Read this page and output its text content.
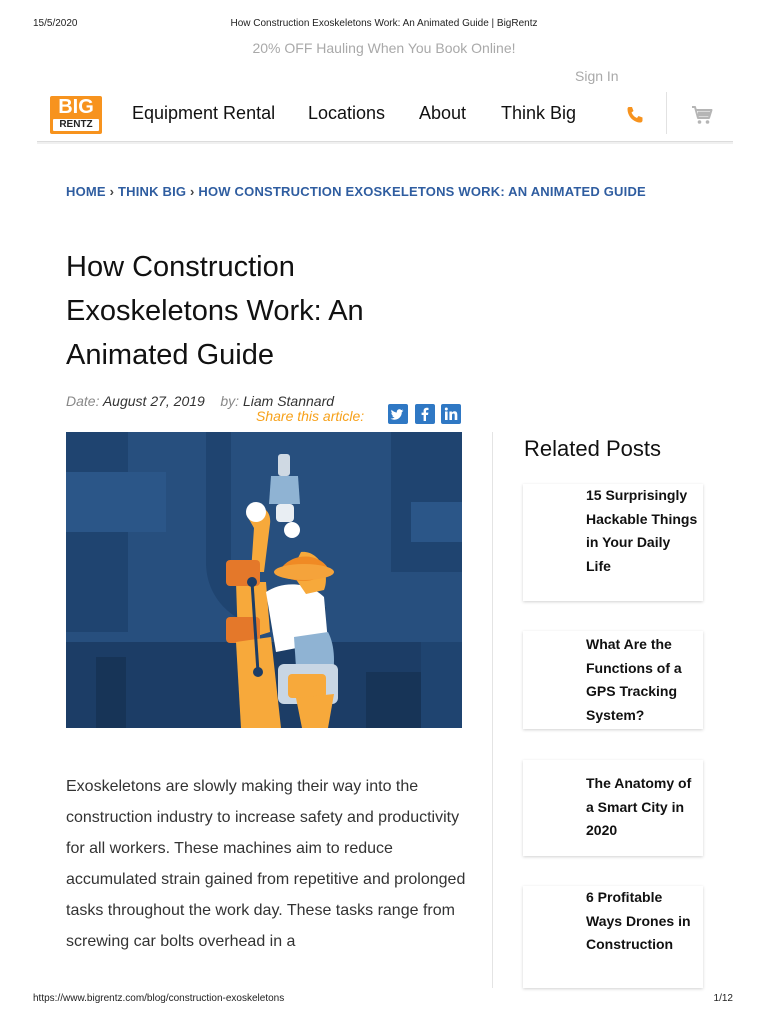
15/5/2020	How Construction Exoskeletons Work: An Animated Guide | BigRentz
20% OFF Hauling When You Book Online!
Sign In
BIG
RENTZ
Equipment Rental Locations About Think Big
HOME › THINK BIG › HOW CONSTRUCTION EXOSKELETONS WORK: AN ANIMATED GUIDE
How Construction
Exoskeletons Work: An
Animated Guide
Date: August 27, 2019 by: Liam Stannard
Share this article:
Exoskeletons are slowly making their way into the construction industry to increase safety and productivity for all workers. These machines aim to reduce accumulated strain gained from repetitive and prolonged tasks throughout the work day. These tasks range from screwing car bolts overhead in a
Related Posts
15 Surprisingly Hackable Things in Your Daily Life
What Are the Functions of a GPS Tracking System?
The Anatomy of a Smart City in 2020
6 Profitable Ways Drones in Construction
https://www.bigrentz.com/blog/construction-exoskeletons	1/12
